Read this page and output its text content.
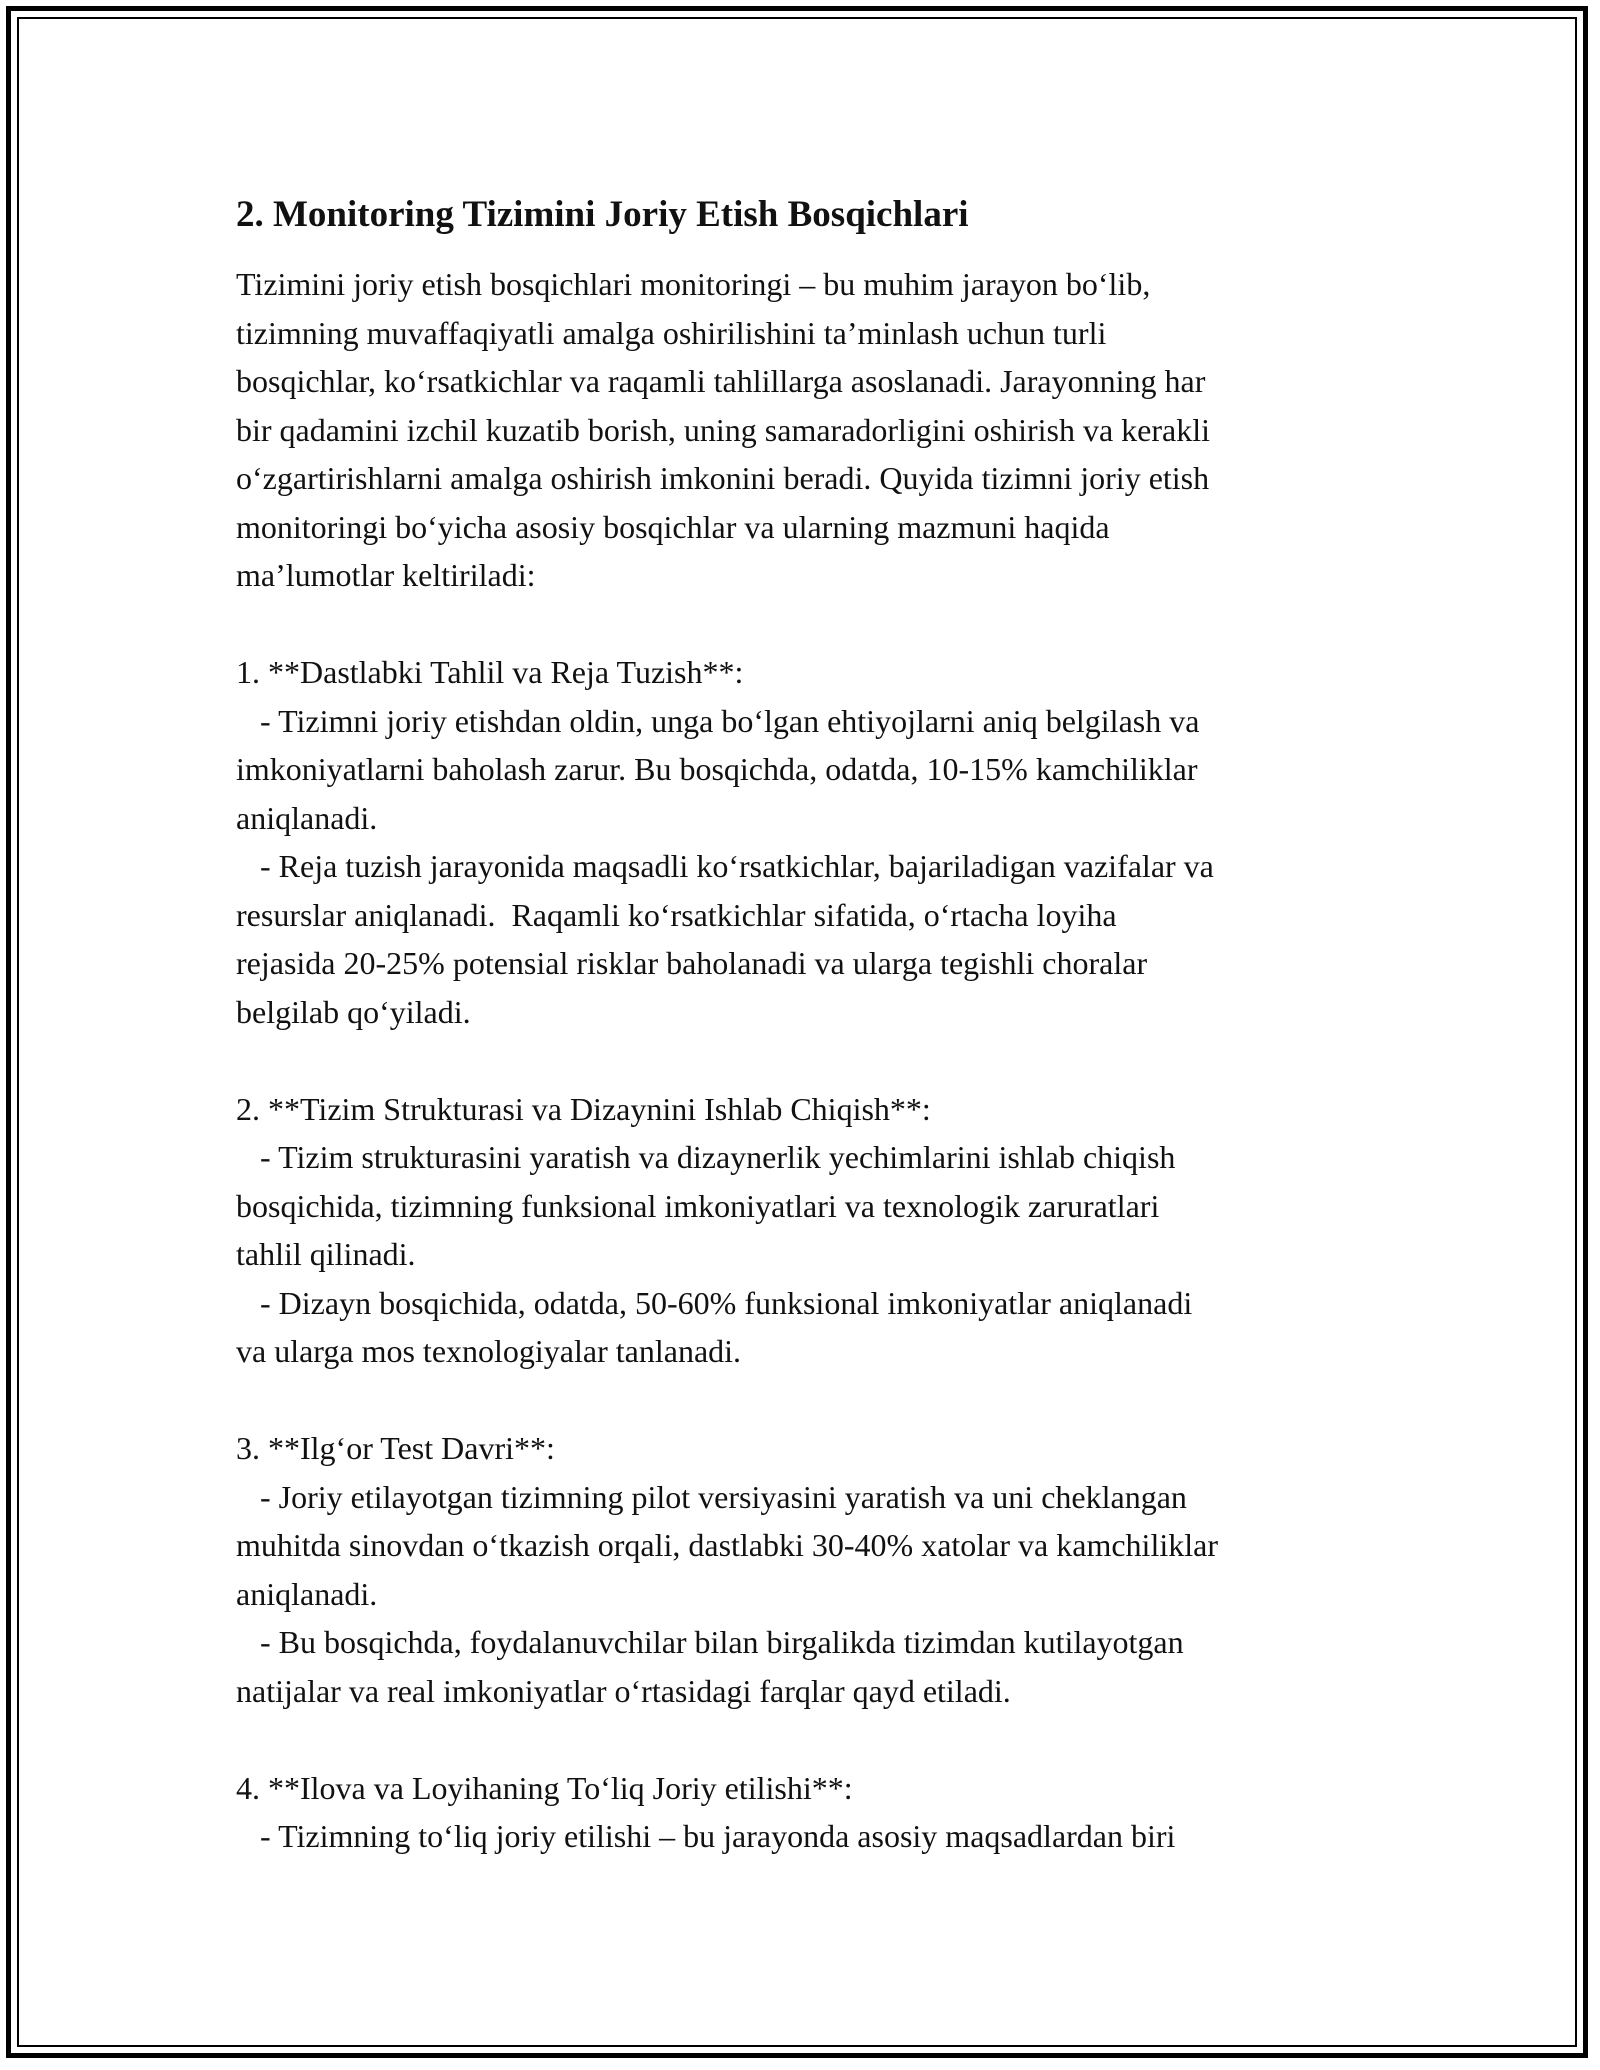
2. Monitoring Tizimini Joriy Etish Bosqichlari

Tizimini joriy etish bosqichlari monitoringi – bu muhim jarayon bo‘lib,
tizimning muvaffaqiyatli amalga oshirilishini ta’minlash uchun turli
bosqichlar, ko‘rsatkichlar va raqamli tahlillarga asoslanadi. Jarayonning har
bir qadamini izchil kuzatib borish, uning samaradorligini oshirish va kerakli
o‘zgartirishlarni amalga oshirish imkonini beradi. Quyida tizimni joriy etish
monitoringi bo‘yicha asosiy bosqichlar va ularning mazmuni haqida
ma’lumotlar keltiriladi:

1. **Dastlabki Tahlil va Reja Tuzish**:
- Tizimni joriy etishdan oldin, unga bo‘lgan ehtiyojlarni aniq belgilash va
imkoniyatlarni baholash zarur. Bu bosqichda, odatda, 10-15% kamchiliklar
aniqlanadi.
- Reja tuzish jarayonida maqsadli ko‘rsatkichlar, bajariladigan vazifalar va
resurslar aniqlanadi.  Raqamli ko‘rsatkichlar sifatida, o‘rtacha loyiha
rejasida 20-25% potensial risklar baholanadi va ularga tegishli choralar
belgilab qo‘yiladi.
2. **Tizim Strukturasi va Dizaynini Ishlab Chiqish**:
- Tizim strukturasini yaratish va dizaynerlik yechimlarini ishlab chiqish
bosqichida, tizimning funksional imkoniyatlari va texnologik zaruratlari
tahlil qilinadi.
- Dizayn bosqichida, odatda, 50-60% funksional imkoniyatlar aniqlanadi
va ularga mos texnologiyalar tanlanadi.
3. **Ilg‘or Test Davri**:
- Joriy etilayotgan tizimning pilot versiyasini yaratish va uni cheklangan
muhitda sinovdan o‘tkazish orqali, dastlabki 30-40% xatolar va kamchiliklar
aniqlanadi.
- Bu bosqichda, foydalanuvchilar bilan birgalikda tizimdan kutilayotgan
natijalar va real imkoniyatlar o‘rtasidagi farqlar qayd etiladi.
4. **Ilova va Loyihaning To‘liq Joriy etilishi**:
- Tizimning to‘liq joriy etilishi – bu jarayonda asosiy maqsadlardan biri
